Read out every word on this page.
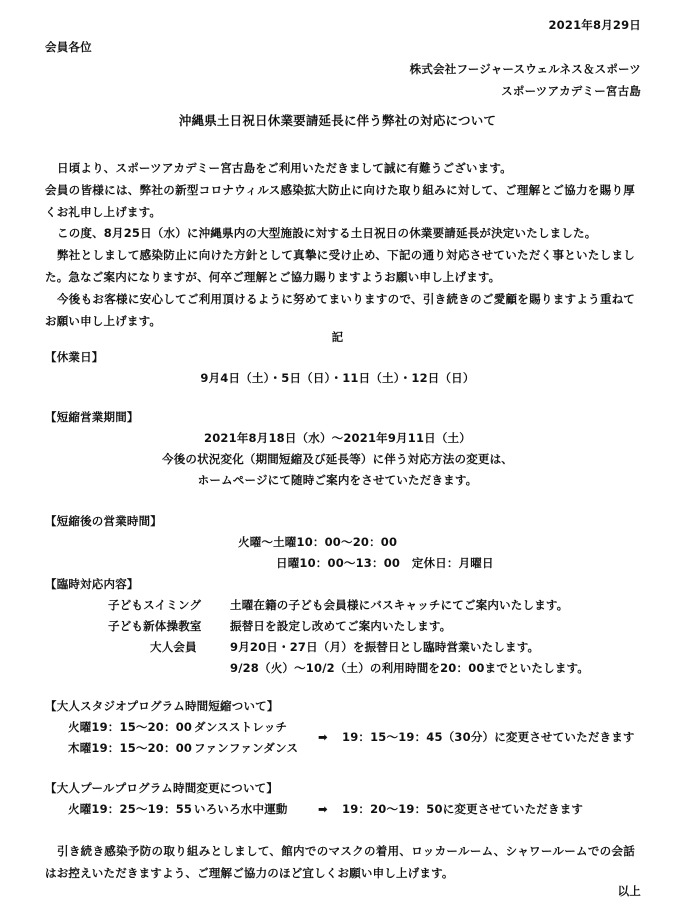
2021年8月29日
会員各位
株式会社フージャースウェルネス＆スポーツ
スポーツアカデミー宮古島
沖縄県土日祝日休業要請延長に伴う弊社の対応について

日頃より、スポーツアカデミー宮古島をご利用いただきまして誠に有難うございます。

会員の皆様には、弊社の新型コロナウィルス感染拡大防止に向けた取り組みに対して、ご理解とご協力を賜り厚くお礼申し上げます。

この度、8月25日（水）に沖縄県内の大型施設に対する土日祝日の休業要請延長が決定いたしました。

弊社としまして感染防止に向けた方針として真摯に受け止め、下記の通り対応させていただく事といたしました。急なご案内になりますが、何卒ご理解とご協力賜りますようお願い申し上げます。

今後もお客様に安心してご利用頂けるように努めてまいりますので、引き続きのご愛顧を賜りますよう重ねてお願い申し上げます。

記
【休業日】
9月4日（土）・5日（日）・11日（土）・12日（日）
【短縮営業期間】
2021年8月18日（水）～2021年9月11日（土）
今後の状況変化（期間短縮及び延長等）に伴う対応方法の変更は、
ホームページにて随時ご案内をさせていただきます。
【短縮後の営業時間】
火曜～土曜10：00～20：00
日曜10：00～13：00　定休日：月曜日
【臨時対応内容】
子どもスイミング	土曜在籍の子ども会員様にバスキャッチにてご案内いたします。
子ども新体操教室 振替日を設定し改めてご案内いたします。
大人会員	9月20日・27日（月）を振替日とし臨時営業いたします。
9/28（火）～10/2（土）の利用時間を20：00までといたします。
【大人スタジオプログラム時間短縮ついて】
火曜19：15～20：00 ダンスストレッチ
木曜19：15～20：00 ファンファンダンス
➡ 19：15～19：45（30分）に変更させていただきます
【大人プールプログラム時間変更について】
火曜19：25～19：55 いろいろ水中運動	➡ 19：20～19：50に変更させていただきます
引き続き感染予防の取り組みとしまして、館内でのマスクの着用、ロッカールーム、シャワールームでの会話はお控えいただきますよう、ご理解ご協力のほど宜しくお願い申し上げます。
以上
